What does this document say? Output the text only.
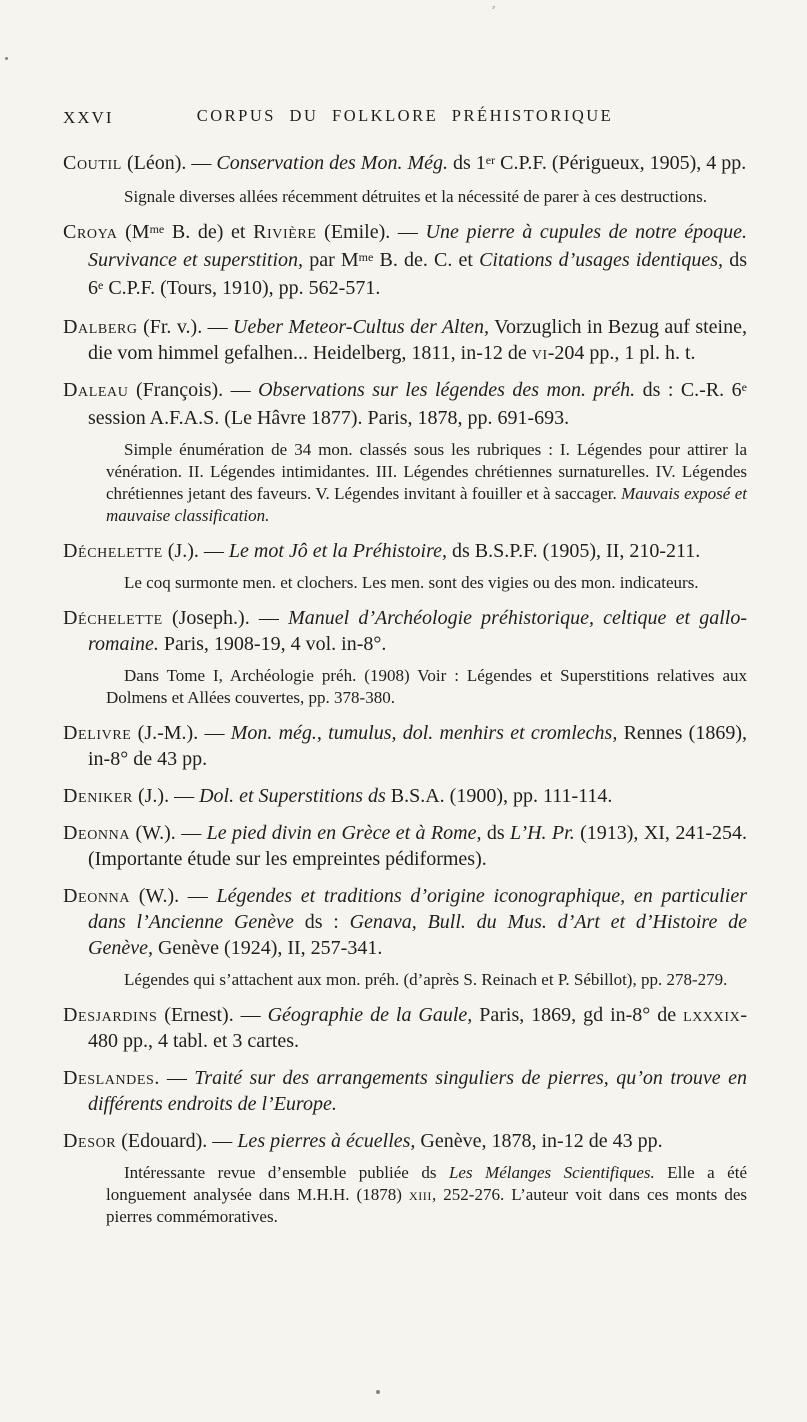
⸗
XXVI	CORPUS DU FOLKLORE PRÉHISTORIQUE

Coutil (Léon). — Conservation des Mon. Még. ds 1er C.P.F. (Périgueux, 1905), 4 pp.

Signale diverses allées récemment détruites et la nécessité de parer à ces destructions.

Croya ($M^{me}$ B. de) et Rivière (Emile). — Une pierre à cupules de notre époque. Survivance et superstition, par $M^{me}$ B. de. C. et Citations d’usages identiques, ds 6e C.P.F. (Tours, 1910), pp. 562-571.

Dalberg (Fr. v.). — Ueber Meteor-Cultus der Alten, Vorzuglich in Bezug auf steine, die vom himmel gefalhen... Heidelberg, 1811, in-12 de vi-204 pp., 1 pl. h. t.

Daleau (François). — Observations sur les légendes des mon. préh. ds : C.-R. 6e session A.F.A.S. (Le Hâvre 1877). Paris, 1878, pp. 691-693.

Simple énumération de 34 mon. classés sous les rubriques : I. Légendes pour attirer la vénération. II. Légendes intimidantes. III. Légendes chrétiennes surnaturelles. IV. Légendes chrétiennes jetant des faveurs. V. Légendes invitant à fouiller et à saccager. Mauvais exposé et mauvaise classification.

Déchelette (J.). — Le mot Jô et la Préhistoire, ds B.S.P.F. (1905), II, 210-211.

Le coq surmonte men. et clochers. Les men. sont des vigies ou des mon. indicateurs.

Déchelette (Joseph.). — Manuel d’Archéologie préhistorique, celtique et gallo-romaine. Paris, 1908-19, 4 vol. in-8°.

Dans Tome I, Archéologie préh. (1908) Voir : Légendes et Superstitions relatives aux Dolmens et Allées couvertes, pp. 378-380.

Delivre (J.-M.). — Mon. még., tumulus, dol. menhirs et cromlechs, Rennes (1869), in-8° de 43 pp.

Deniker (J.). — Dol. et Superstitions ds B.S.A. (1900), pp. 111-114.

Deonna (W.). — Le pied divin en Grèce et à Rome, ds L’H. Pr. (1913), XI, 241-254. (Importante étude sur les empreintes pédiformes).

Deonna (W.). — Légendes et traditions d’origine iconographique, en particulier dans l’Ancienne Genève ds : Genava, Bull. du Mus. d’Art et d’Histoire de Genève, Genève (1924), II, 257-341.

Légendes qui s’attachent aux mon. préh. (d’après S. Reinach et P. Sébillot), pp. 278-279.

Desjardins (Ernest). — Géographie de la Gaule, Paris, 1869, gd in-8° de lxxxix-480 pp., 4 tabl. et 3 cartes.

Deslandes. — Traité sur des arrangements singuliers de pierres, qu’on trouve en différents endroits de l’Europe.

Desor (Edouard). — Les pierres à écuelles, Genève, 1878, in-12 de 43 pp.

Intéressante revue d’ensemble publiée ds Les Mélanges Scientifiques. Elle a été longuement analysée dans M.H.H. (1878) xiii, 252-276. L’auteur voit dans ces monts des pierres commémoratives.
